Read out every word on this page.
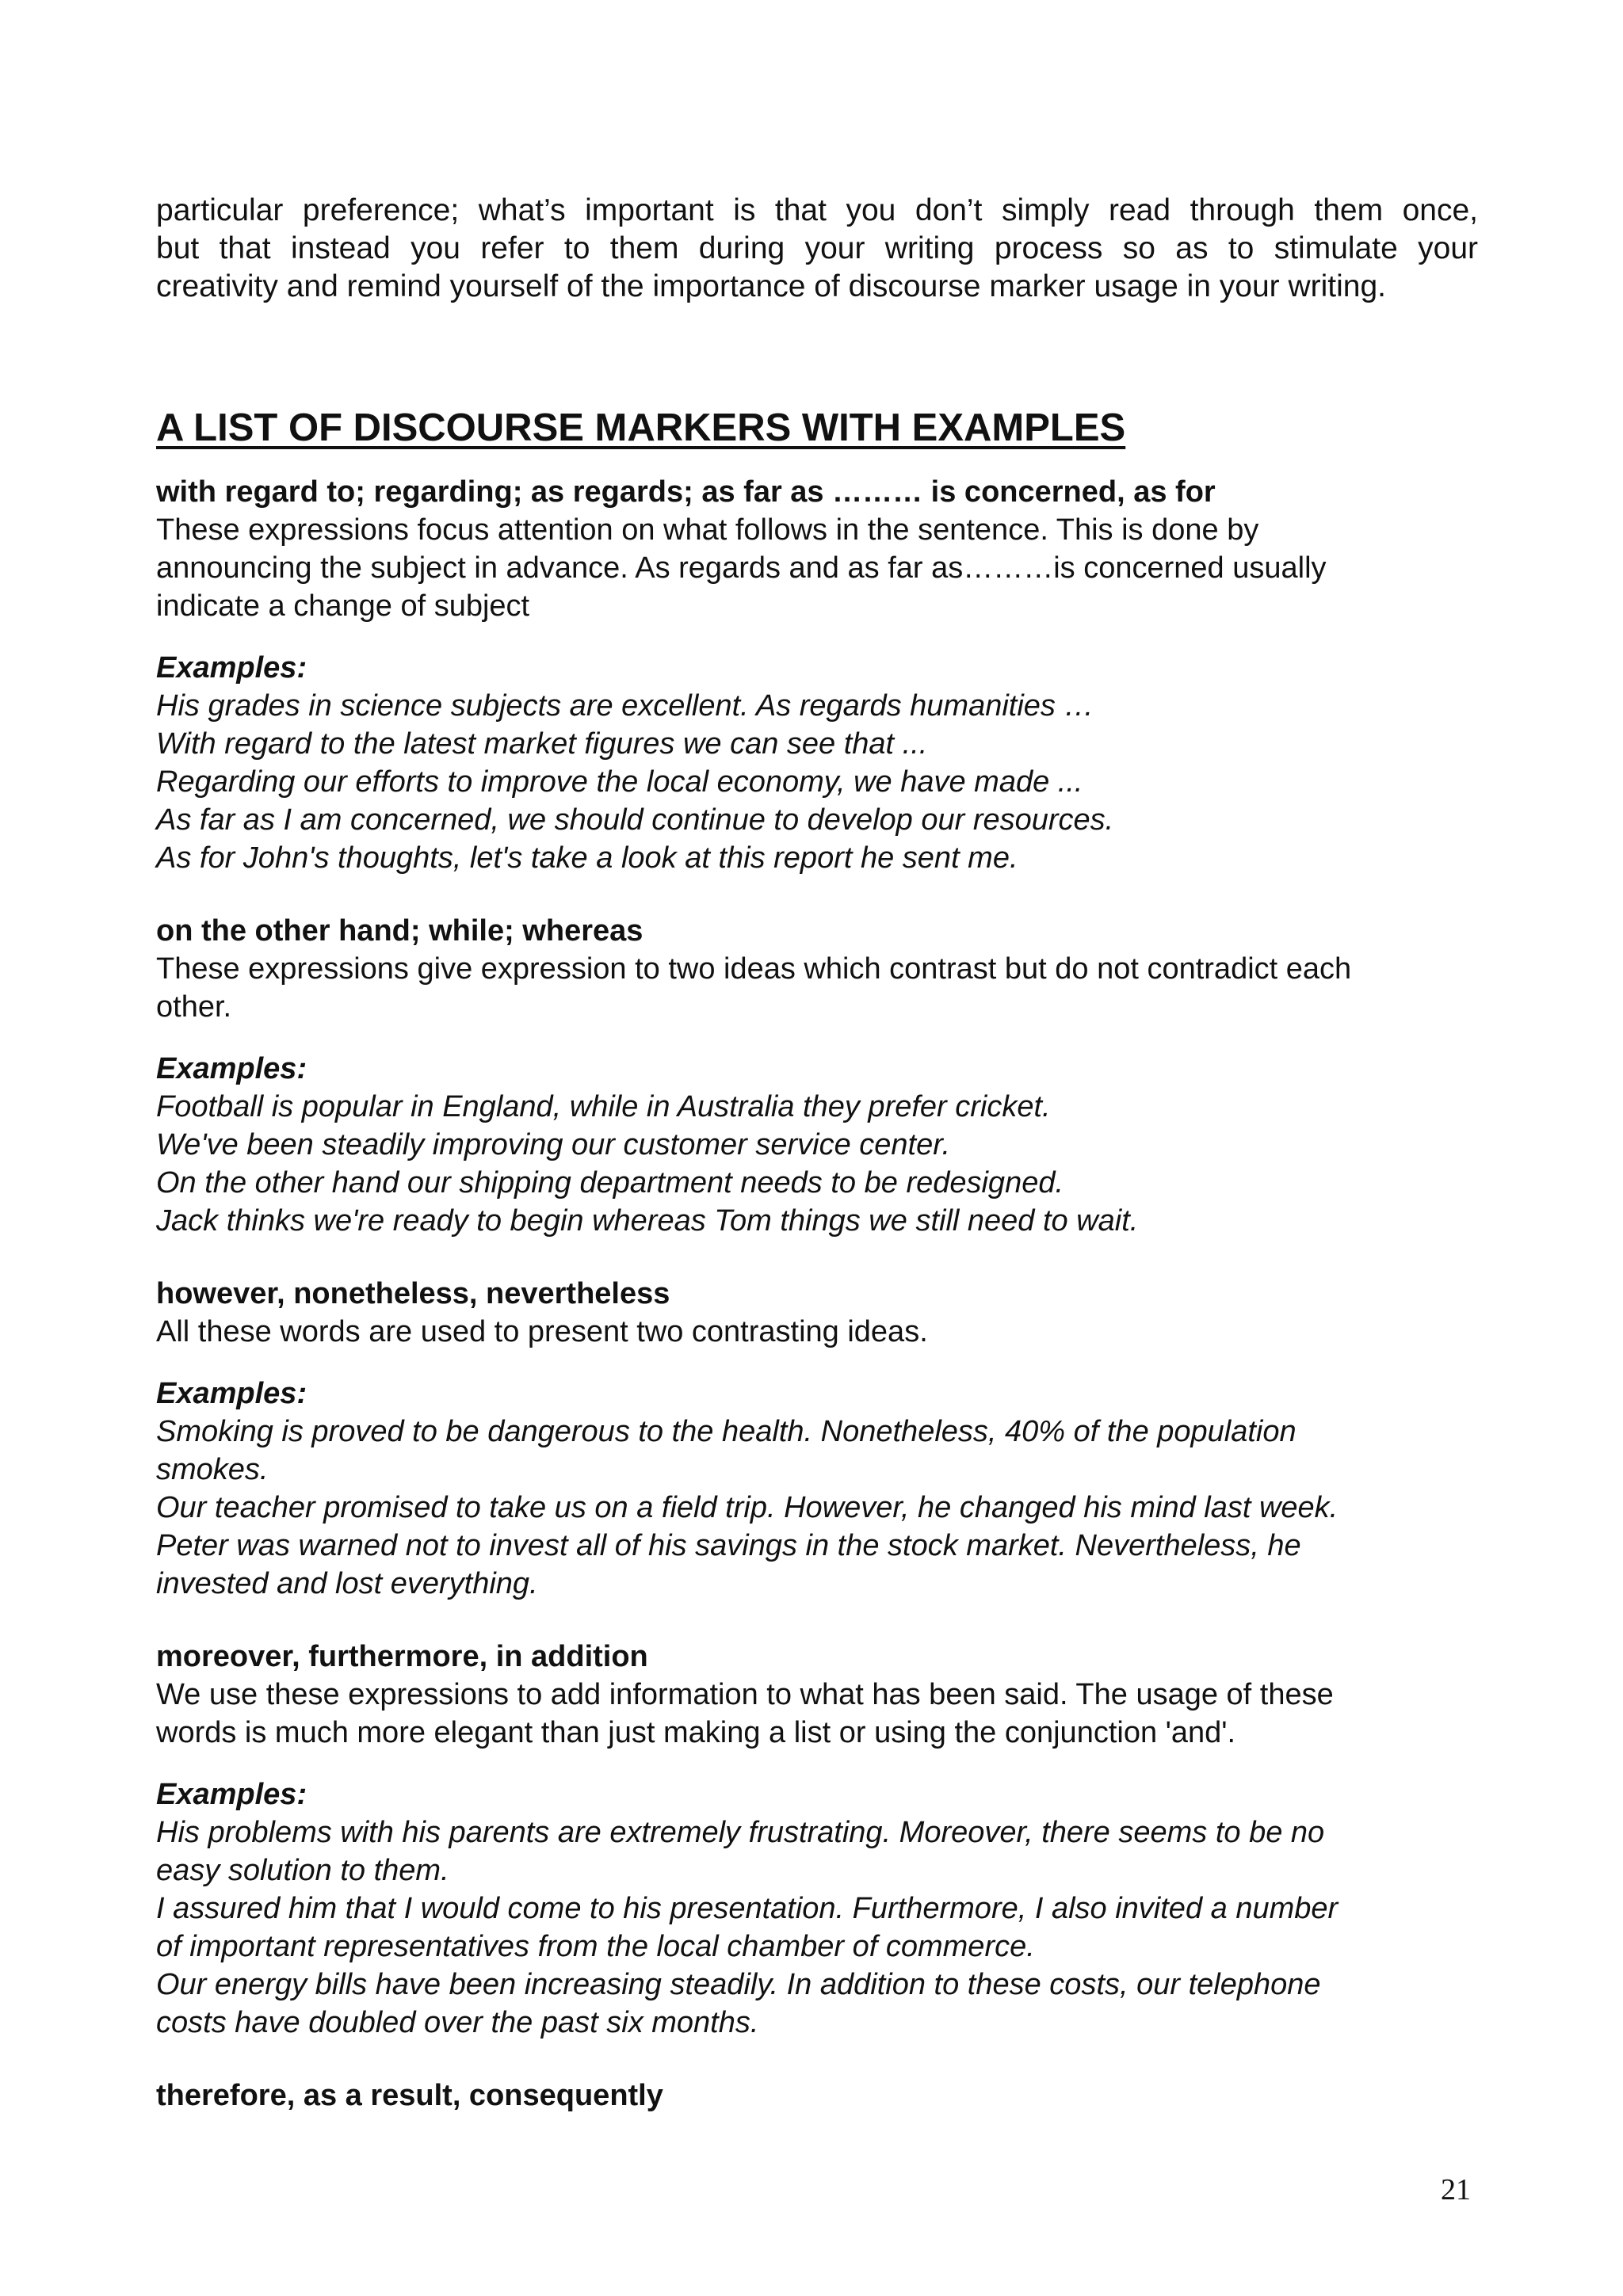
particular preference; what’s important is that you don’t simply read through them once,
but that instead you refer to them during your writing process so as to stimulate your
creativity and remind yourself of the importance of discourse marker usage in your writing.
A LIST OF DISCOURSE MARKERS WITH EXAMPLES

with regard to; regarding; as regards; as far as ……… is concerned, as for

These expressions focus attention on what follows in the sentence. This is done by

announcing the subject in advance. As regards and as far as………is concerned usually

indicate a change of subject

Examples:

His grades in science subjects are excellent. As regards humanities …

With regard to the latest market figures we can see that ...

Regarding our efforts to improve the local economy, we have made ...

As far as I am concerned, we should continue to develop our resources.

As for John's thoughts, let's take a look at this report he sent me.

on the other hand; while; whereas

These expressions give expression to two ideas which contrast but do not contradict each

other.

Examples:

Football is popular in England, while in Australia they prefer cricket.

We've been steadily improving our customer service center.

On the other hand our shipping department needs to be redesigned.

Jack thinks we're ready to begin whereas Tom things we still need to wait.

however, nonetheless, nevertheless

All these words are used to present two contrasting ideas.

Examples:

Smoking is proved to be dangerous to the health. Nonetheless, 40% of the population

smokes.

Our teacher promised to take us on a field trip. However, he changed his mind last week.

Peter was warned not to invest all of his savings in the stock market. Nevertheless, he

invested and lost everything.

moreover, furthermore, in addition

We use these expressions to add information to what has been said. The usage of these

words is much more elegant than just making a list or using the conjunction 'and'.

Examples:

His problems with his parents are extremely frustrating. Moreover, there seems to be no

easy solution to them.

I assured him that I would come to his presentation. Furthermore, I also invited a number

of important representatives from the local chamber of commerce.

Our energy bills have been increasing steadily. In addition to these costs, our telephone

costs have doubled over the past six months.

therefore, as a result, consequently

21
